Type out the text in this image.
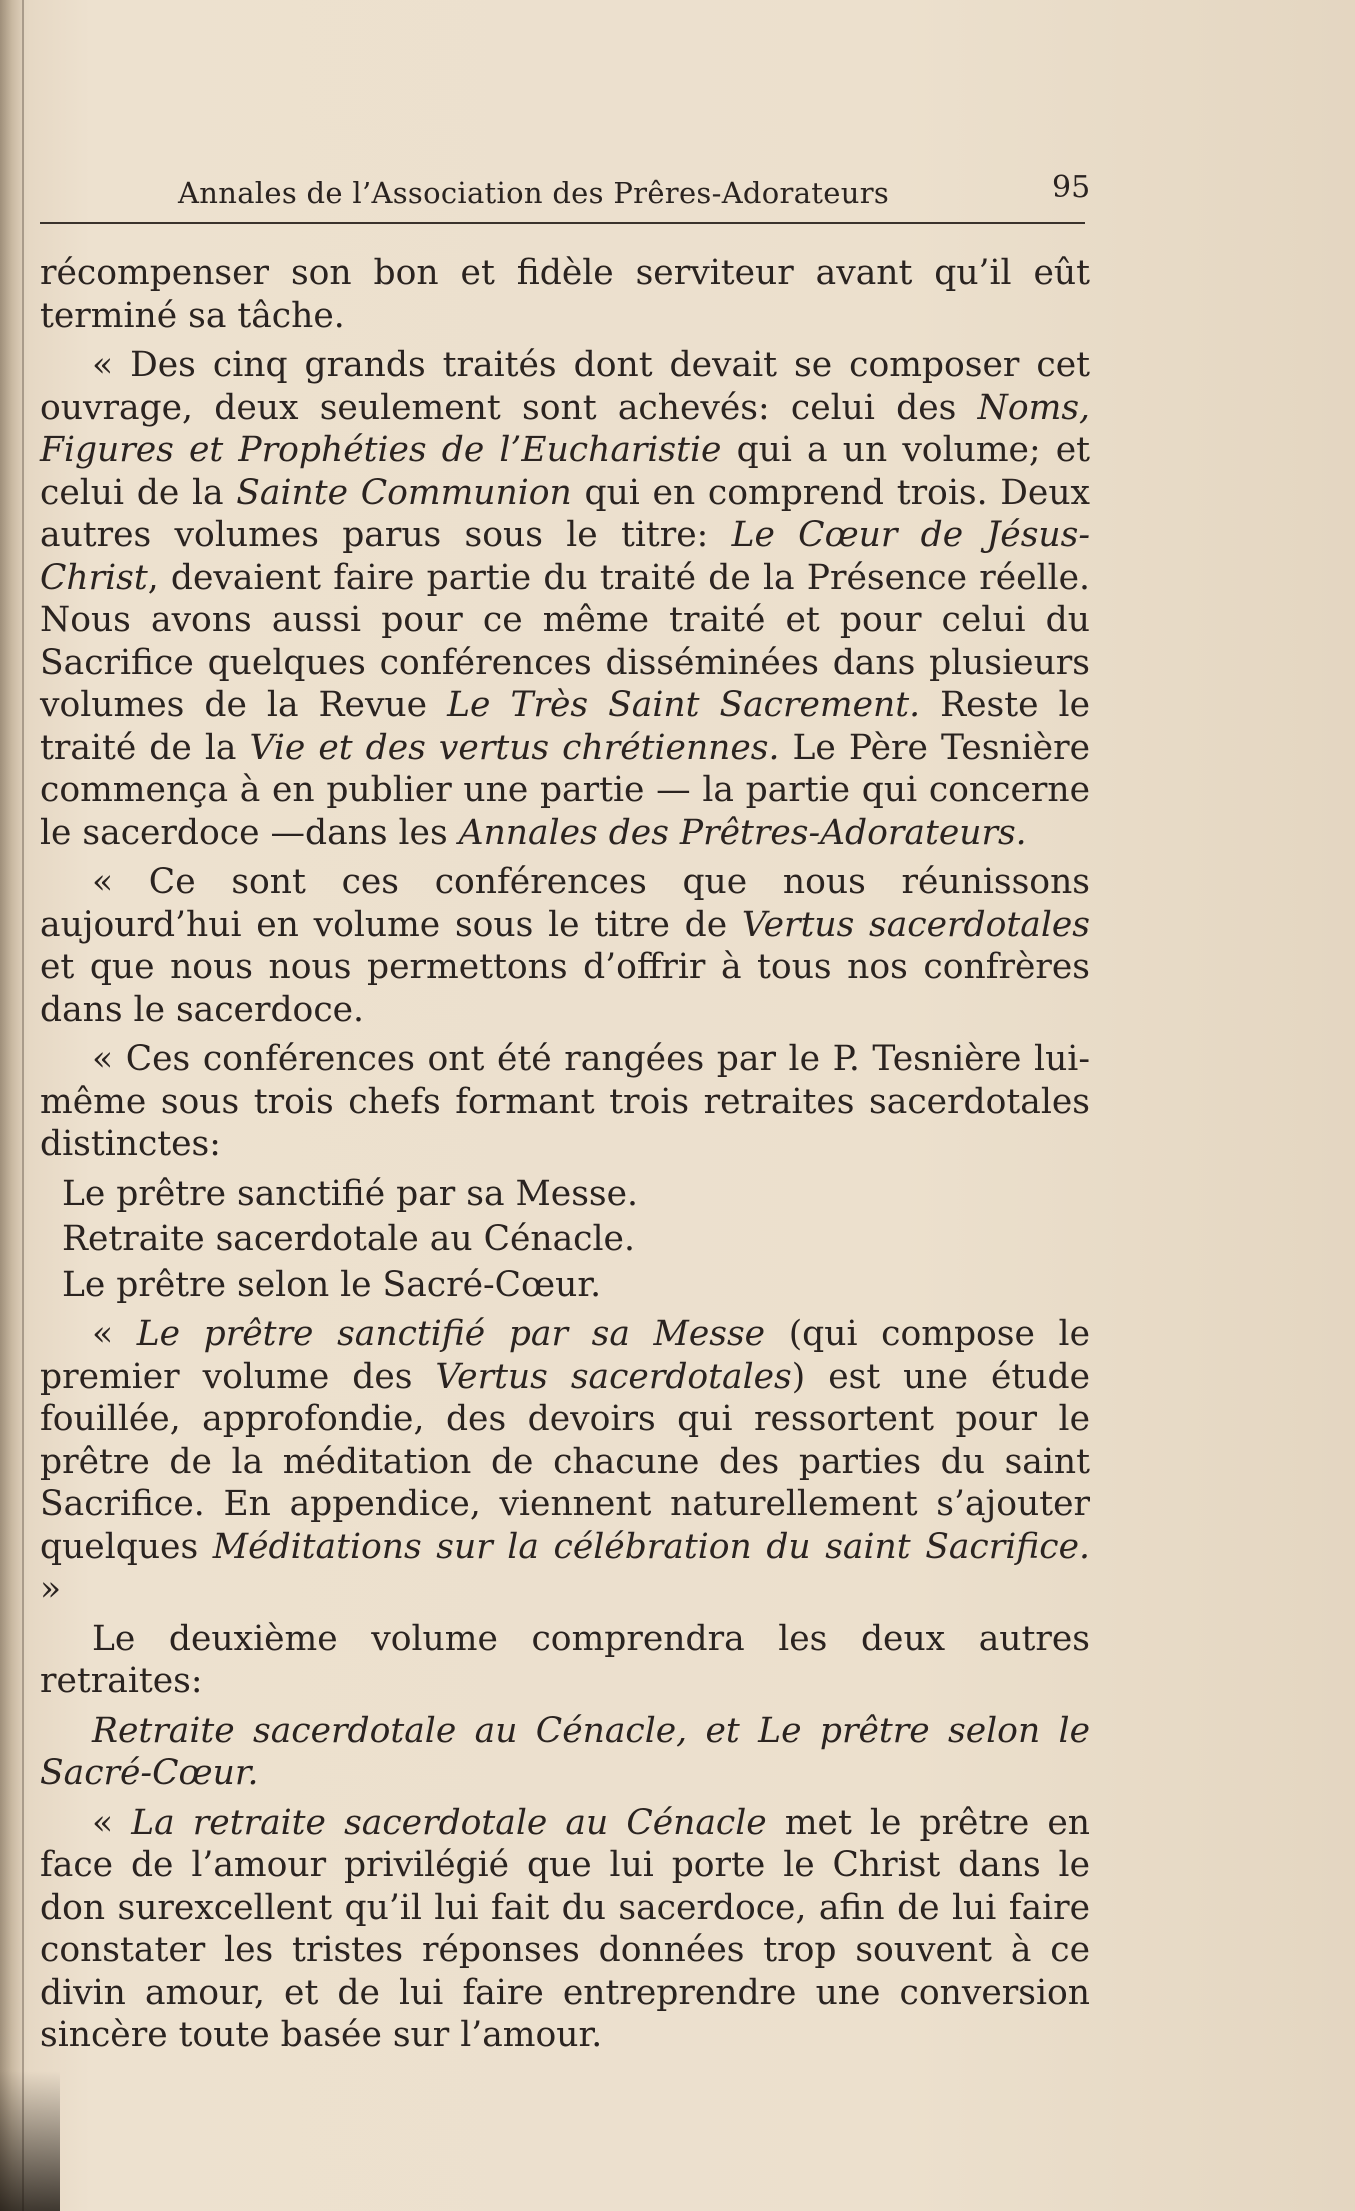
Annales de l’Association des Prêres-Adorateurs	95

récompenser son bon et fidèle serviteur avant qu’il eût terminé sa tâche.

« Des cinq grands traités dont devait se composer cet ouvrage, deux seulement sont achevés: celui des Noms, Figures et Prophéties de l’Eucharistie qui a un volume; et celui de la Sainte Communion qui en comprend trois. Deux autres volumes parus sous le titre: Le Cœur de Jésus-Christ, devaient faire partie du traité de la Présence réelle. Nous avons aussi pour ce même traité et pour celui du Sacrifice quelques conférences disséminées dans plusieurs volumes de la Revue Le Très Saint Sacrement. Reste le traité de la Vie et des vertus chrétiennes. Le Père Tesnière commença à en publier une partie — la partie qui concerne le sacerdoce —dans les Annales des Prêtres-Adorateurs.

« Ce sont ces conférences que nous réunissons aujourd’hui en volume sous le titre de Vertus sacerdotales et que nous nous permettons d’offrir à tous nos confrères dans le sacerdoce.

« Ces conférences ont été rangées par le P. Tesnière lui-même sous trois chefs formant trois retraites sacerdotales distinctes:

Le prêtre sanctifié par sa Messe.

Retraite sacerdotale au Cénacle.

Le prêtre selon le Sacré-Cœur.

« Le prêtre sanctifié par sa Messe (qui compose le premier volume des Vertus sacerdotales) est une étude fouillée, approfondie, des devoirs qui ressortent pour le prêtre de la méditation de chacune des parties du saint Sacrifice. En appendice, viennent naturellement s’ajouter quelques Méditations sur la célébration du saint Sacrifice. »

Le deuxième volume comprendra les deux autres retraites:

Retraite sacerdotale au Cénacle, et Le prêtre selon le Sacré-Cœur.

« La retraite sacerdotale au Cénacle met le prêtre en face de l’amour privilégié que lui porte le Christ dans le don surexcellent qu’il lui fait du sacerdoce, afin de lui faire constater les tristes réponses données trop souvent à ce divin amour, et de lui faire entreprendre une conversion sincère toute basée sur l’amour.
